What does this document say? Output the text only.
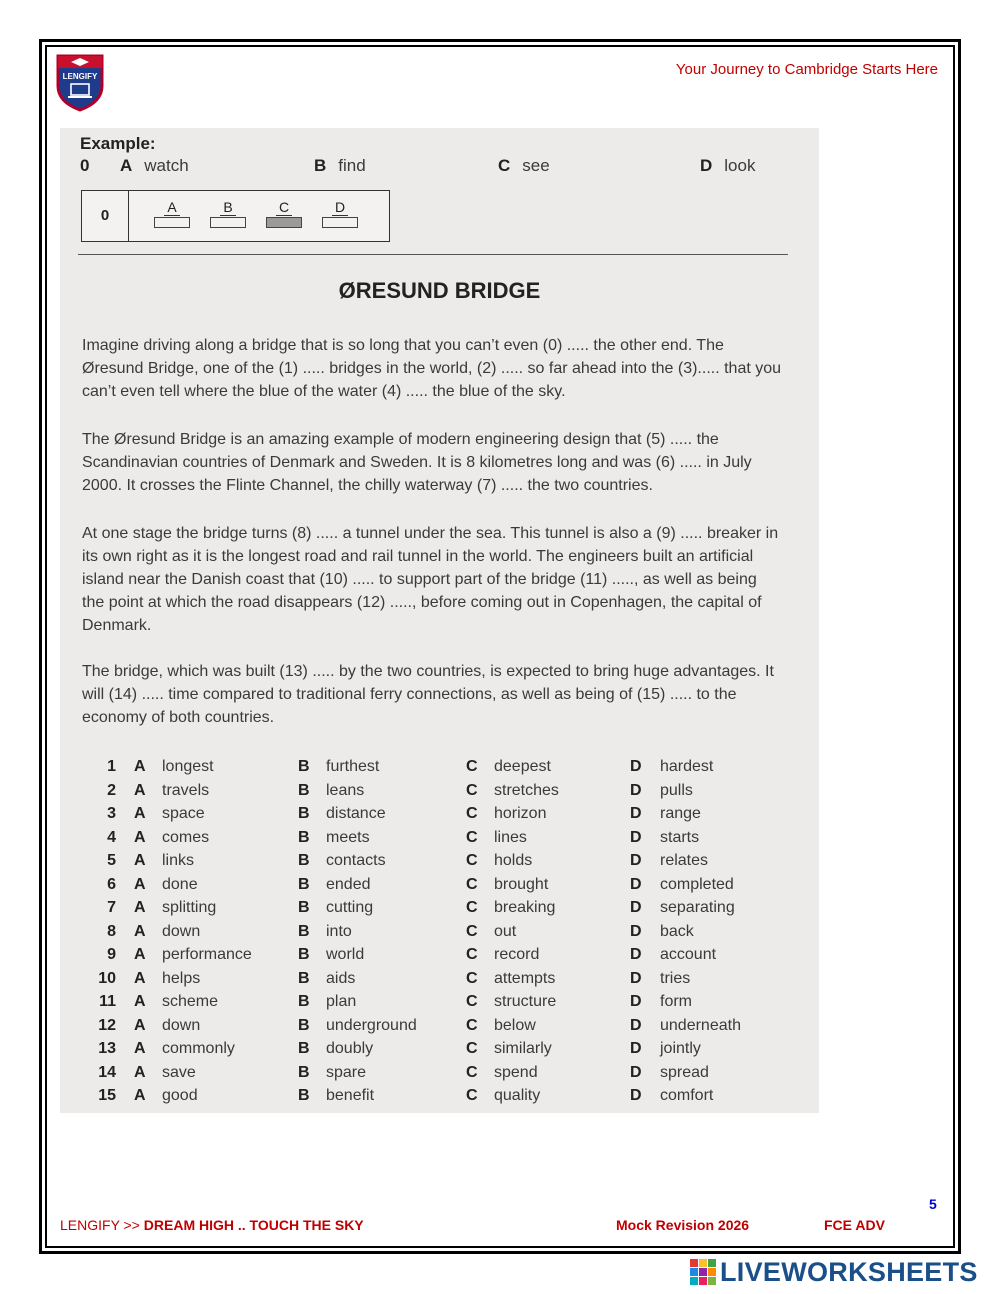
LENGIFY	Your Journey to Cambridge Starts Here
Example:
0	A watch	B find	C see	D look
0	A	B	C	D
ØRESUND BRIDGE
Imagine driving along a bridge that is so long that you can’t even (0) ..... the other end. The Øresund Bridge, one of the (1) ..... bridges in the world, (2) ..... so far ahead into the (3)..... that you can’t even tell where the blue of the water (4) ..... the blue of the sky.
The Øresund Bridge is an amazing example of modern engineering design that (5) ..... the Scandinavian countries of Denmark and Sweden. It is 8 kilometres long and was (6) ..... in July 2000. It crosses the Flinte Channel, the chilly waterway (7) ..... the two countries.
At one stage the bridge turns (8) ..... a tunnel under the sea. This tunnel is also a (9) ..... breaker in its own right as it is the longest road and rail tunnel in the world. The engineers built an artificial island near the Danish coast that (10) ..... to support part of the bridge (11) ....., as well as being the point at which the road disappears (12) ....., before coming out in Copenhagen, the capital of Denmark.
The bridge, which was built (13) ..... by the two countries, is expected to bring huge advantages. It will (14) ..... time compared to traditional ferry connections, as well as being of (15) ..... to the economy of both countries.
1 A longest	B furthest	C deepest	D hardest
2 A travels	B leans	C stretches	D pulls
3 A space	B distance	C horizon	D range
4 A comes	B meets	C lines	D starts
5 A links	B contacts	C holds	D relates
6 A done	B ended	C brought	D completed
7 A splitting	B cutting	C breaking	D separating
8 A down	B into	C out	D back
9 A performance	B world	C record	D account
10 A helps	B aids	C attempts	D tries
11 A scheme	B plan	C structure	D form
12 A down	B underground	C below	D underneath
13 A commonly	B doubly	C similarly	D jointly
14 A save	B spare	C spend	D spread
15 A good	B benefit	C quality	D comfort
5
LENGIFY >> DREAM HIGH .. TOUCH THE SKY	Mock Revision 2026	FCE ADV
LIVEWORKSHEETS
